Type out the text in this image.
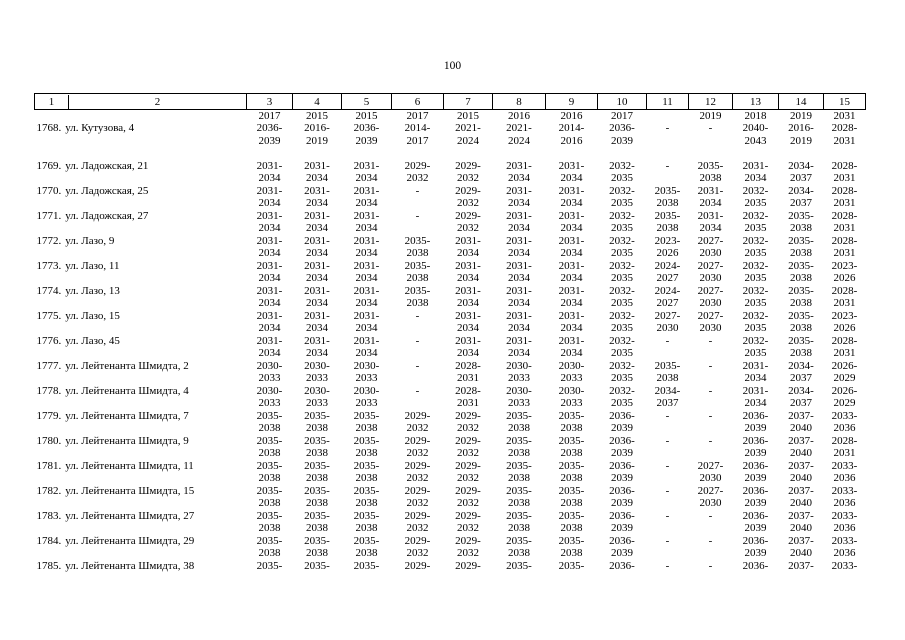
100
1 2	3	4	5	6	7	8	9	10	11	12	13	14	15
1768. ул. Кутузова, 4	2017
2036-
2039	2015
2016-
2019	2015
2036-
2039	2017
2014-
2017	2015
2021-
2024	2016
2021-
2024	2016
2014-
2016	2017
2036-
2039	-	2019
-	2018
2040-
2043	2019
2016-
2019	2031
2028-
2031

1769. ул. Ладожская, 21	2031-
2034	2031-
2034	2031-
2034	2029-
2032	2029-
2032	2031-
2034	2031-
2034	2032-
2035	-	2035-
2038	2031-
2034	2034-
2037	2028-
2031

1770. ул. Ладожская, 25	2031-
2034	2031-
2034	2031-
2034	-	2029-
2032	2031-
2034	2031-
2034	2032-
2035	2035-
2038	2031-
2034	2032-
2035	2034-
2037	2028-
2031

1771. ул. Ладожская, 27	2031-
2034	2031-
2034	2031-
2034	-	2029-
2032	2031-
2034	2031-
2034	2032-
2035	2035-
2038	2031-
2034	2032-
2035	2035-
2038	2028-
2031

1772. ул. Лазо, 9	2031-
2034	2031-
2034	2031-
2034	2035-
2038	2031-
2034	2031-
2034	2031-
2034	2032-
2035	2023-
2026	2027-
2030	2032-
2035	2035-
2038	2028-
2031

1773. ул. Лазо, 11	2031-
2034	2031-
2034	2031-
2034	2035-
2038	2031-
2034	2031-
2034	2031-
2034	2032-
2035	2024-
2027	2027-
2030	2032-
2035	2035-
2038	2023-
2026

1774. ул. Лазо, 13	2031-
2034	2031-
2034	2031-
2034	2035-
2038	2031-
2034	2031-
2034	2031-
2034	2032-
2035	2024-
2027	2027-
2030	2032-
2035	2035-
2038	2028-
2031

1775. ул. Лазо, 15	2031-
2034	2031-
2034	2031-
2034	-	2031-
2034	2031-
2034	2031-
2034	2032-
2035	2027-
2030	2027-
2030	2032-
2035	2035-
2038	2023-
2026

1776. ул. Лазо, 45	2031-
2034	2031-
2034	2031-
2034	-	2031-
2034	2031-
2034	2031-
2034	2032-
2035	-	-	2032-
2035	2035-
2038	2028-
2031

1777. ул. Лейтенанта Шмидта, 2	2030-
2033	2030-
2033	2030-
2033	-	2028-
2031	2030-
2033	2030-
2033	2032-
2035	2035-
2038	-	2031-
2034	2034-
2037	2026-
2029

1778. ул. Лейтенанта Шмидта, 4	2030-
2033	2030-
2033	2030-
2033	-	2028-
2031	2030-
2033	2030-
2033	2032-
2035	2034-
2037	-	2031-
2034	2034-
2037	2026-
2029

1779. ул. Лейтенанта Шмидта, 7	2035-
2038	2035-
2038	2035-
2038	2029-
2032	2029-
2032	2035-
2038	2035-
2038	2036-
2039	-	-	2036-
2039	2037-
2040	2033-
2036

1780. ул. Лейтенанта Шмидта, 9	2035-
2038	2035-
2038	2035-
2038	2029-
2032	2029-
2032	2035-
2038	2035-
2038	2036-
2039	-	-	2036-
2039	2037-
2040	2028-
2031

1781. ул. Лейтенанта Шмидта, 11	2035-
2038	2035-
2038	2035-
2038	2029-
2032	2029-
2032	2035-
2038	2035-
2038	2036-
2039	-	2027-
2030	2036-
2039	2037-
2040	2033-
2036

1782. ул. Лейтенанта Шмидта, 15	2035-
2038	2035-
2038	2035-
2038	2029-
2032	2029-
2032	2035-
2038	2035-
2038	2036-
2039	-	2027-
2030	2036-
2039	2037-
2040	2033-
2036

1783. ул. Лейтенанта Шмидта, 27	2035-
2038	2035-
2038	2035-
2038	2029-
2032	2029-
2032	2035-
2038	2035-
2038	2036-
2039	-	-	2036-
2039	2037-
2040	2033-
2036

1784. ул. Лейтенанта Шмидта, 29	2035-
2038	2035-
2038	2035-
2038	2029-
2032	2029-
2032	2035-
2038	2035-
2038	2036-
2039	-	-	2036-
2039	2037-
2040	2033-
2036

1785. ул. Лейтенанта Шмидта, 38	2035-	2035-	2035-	2029-	2029-	2035-	2035-	2036-	-	-	2036-	2037-	2033-
